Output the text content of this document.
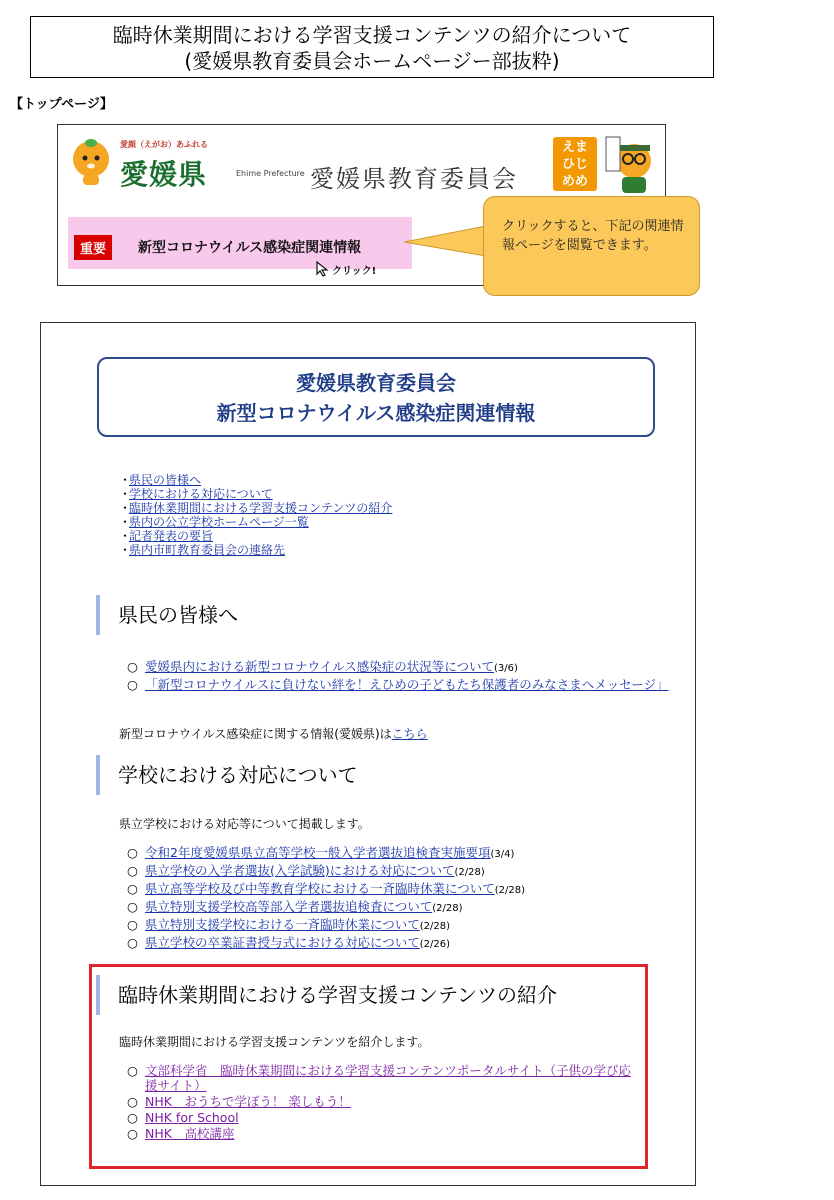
臨時休業期間における学習支援コンテンツの紹介について
(愛媛県教育委員会ホームページー部抜粋)
【トップページ】
愛顔（えがお）あふれる
愛媛県	Ehime Prefecture 愛媛県教育委員会
えま
ひじ
めめ
重要	新型コロナウイルス感染症関連情報
クリック!
クリックすると、下記の関連情報ページを閲覧できます。
愛媛県教育委員会
新型コロナウイルス感染症関連情報
・県民の皆様へ
・学校における対応について
・臨時休業期間における学習支援コンテンツの紹介
・県内の公立学校ホームページ一覧
・記者発表の要旨
・県内市町教育委員会の連絡先
県民の皆様へ
○ 愛媛県内における新型コロナウイルス感染症の状況等について(3/6)
○ 「新型コロナウイルスに負けない絆を！えひめの子どもたち保護者のみなさまへメッセージ」
新型コロナウイルス感染症に関する情報(愛媛県)はこちら
学校における対応について
県立学校における対応等について掲載します。
○ 令和2年度愛媛県県立高等学校一般入学者選抜追検査実施要項(3/4)
○ 県立学校の入学者選抜(入学試験)における対応について(2/28)
○ 県立高等学校及び中等教育学校における一斉臨時休業について(2/28)
○ 県立特別支援学校高等部入学者選抜追検査について(2/28)
○ 県立特別支援学校における一斉臨時休業について(2/28)
○ 県立学校の卒業証書授与式における対応について(2/26)
臨時休業期間における学習支援コンテンツの紹介
臨時休業期間における学習支援コンテンツを紹介します。
○ 文部科学省　臨時休業期間における学習支援コンテンツポータルサイト（子供の学び応援サイト）
○ NHK　おうちで学ぼう！ 楽しもう！
○ NHK for School
○ NHK　高校講座
